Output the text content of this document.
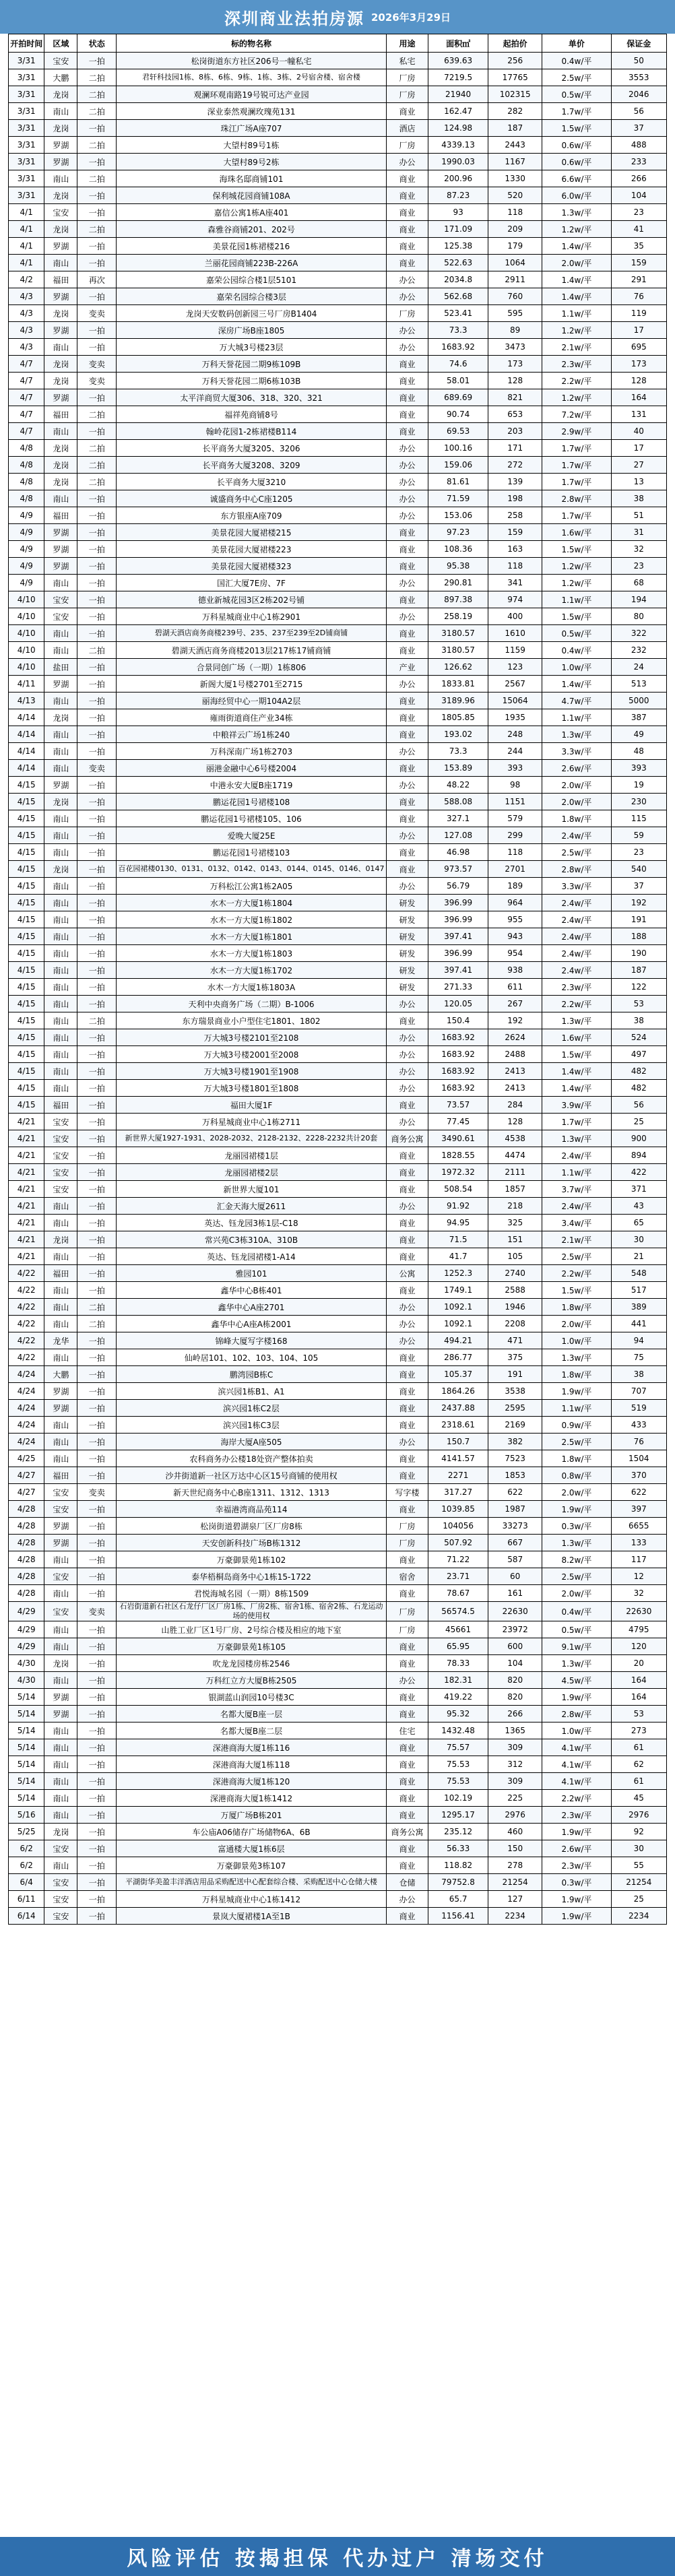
深圳商业法拍房源 2026年3月29日
开拍时间	区域	状态	标的物名称	用途	面积㎡	起拍价	单价	保证金
3/31	宝安	一拍	松岗街道东方社区206号一幢私宅	私宅	639.63	256	0.4w/平	50
3/31	大鹏	二拍	君轩科技园1栋、8栋、6栋、9栋、1栋、3栋、2号宿舍楼、宿舍楼	厂房	7219.5	17765	2.5w/平	3553
3/31	龙岗	二拍	观澜环观南路19号锐可达产业园	厂房	21940	102315	0.5w/平	2046
3/31	南山	二拍	深业泰然观澜玫瑰苑131	商业	162.47	282	1.7w/平	56
3/31	龙岗	一拍	珠江广场A座707	酒店	124.98	187	1.5w/平	37
3/31	罗湖	二拍	大望村89号1栋	厂房	4339.13	2443	0.6w/平	488
3/31	罗湖	一拍	大望村89号2栋	办公	1990.03	1167	0.6w/平	233
3/31	南山	二拍	海珠名邸商铺101	商业	200.96	1330	6.6w/平	266
3/31	龙岗	一拍	保利城花园商铺108A	商业	87.23	520	6.0w/平	104
4/1	宝安	一拍	嘉信公寓1栋A座401	商业	93	118	1.3w/平	23
4/1	龙岗	二拍	森雅谷商铺201、202号	商业	171.09	209	1.2w/平	41
4/1	罗湖	一拍	美景花园1栋裙楼216	商业	125.38	179	1.4w/平	35
4/1	南山	一拍	兰丽花园商铺223B-226A	商业	522.63	1064	2.0w/平	159
4/2	福田	再次	嘉荣公园综合楼1层5101	办公	2034.8	2911	1.4w/平	291
4/3	罗湖	一拍	嘉荣名园综合楼3层	办公	562.68	760	1.4w/平	76
4/3	龙岗	变卖	龙岗天安数码创新园三号厂房B1404	厂房	523.41	595	1.1w/平	119
4/3	罗湖	一拍	深房广场B座1805	办公	73.3	89	1.2w/平	17
4/3	南山	一拍	万大城3号楼23层	办公	1683.92	3473	2.1w/平	695
4/7	龙岗	变卖	万科天誉花园二期9栋109B	商业	74.6	173	2.3w/平	173
4/7	龙岗	变卖	万科天誉花园二期6栋103B	商业	58.01	128	2.2w/平	128
4/7	罗湖	一拍	太平洋商贸大厦306、318、320、321	商业	689.69	821	1.2w/平	164
4/7	福田	二拍	福祥苑商铺8号	商业	90.74	653	7.2w/平	131
4/7	南山	一拍	翰岭花园1-2栋裙楼B114	商业	69.53	203	2.9w/平	40
4/8	龙岗	二拍	长平商务大厦3205、3206	办公	100.16	171	1.7w/平	17
4/8	龙岗	二拍	长平商务大厦3208、3209	办公	159.06	272	1.7w/平	27
4/8	龙岗	二拍	长平商务大厦3210	办公	81.61	139	1.7w/平	13
4/8	南山	一拍	诚盛商务中心C座1205	办公	71.59	198	2.8w/平	38
4/9	福田	一拍	东方银座A座709	办公	153.06	258	1.7w/平	51
4/9	罗湖	一拍	美景花园大厦裙楼215	商业	97.23	159	1.6w/平	31
4/9	罗湖	一拍	美景花园大厦裙楼223	商业	108.36	163	1.5w/平	32
4/9	罗湖	一拍	美景花园大厦裙楼323	商业	95.38	118	1.2w/平	23
4/9	南山	一拍	国汇大厦7E房、7F	办公	290.81	341	1.2w/平	68
4/10	宝安	一拍	德业新城花园3区2栋202号铺	商业	897.38	974	1.1w/平	194
4/10	宝安	一拍	万科星城商业中心1栋2901	办公	258.19	400	1.5w/平	80
4/10	南山	一拍	碧湖天酒店商务商楼239号、235、237至239至2D铺商铺	商业	3180.57	1610	0.5w/平	322
4/10	南山	二拍	碧湖天酒店商务商楼2013层217栋17铺商铺	商业	3180.57	1159	0.4w/平	232
4/10	盐田	一拍	合景同创广场（一期）1栋806	产业	126.62	123	1.0w/平	24
4/11	罗湖	一拍	新阁大厦1号楼2701至2715	办公	1833.81	2567	1.4w/平	513
4/13	南山	一拍	丽海经贸中心一期104A2层	商业	3189.96	15064	4.7w/平	5000
4/14	龙岗	一拍	雍雨街道商住产业34栋	商业	1805.85	1935	1.1w/平	387
4/14	南山	一拍	中粮祥云广场1栋240	商业	193.02	248	1.3w/平	49
4/14	南山	一拍	万科深南广场1栋2703	办公	73.3	244	3.3w/平	48
4/14	南山	变卖	丽港金融中心6号楼2004	商业	153.89	393	2.6w/平	393
4/15	罗湖	一拍	中港永安大厦B座1719	办公	48.22	98	2.0w/平	19
4/15	龙岗	一拍	鹏运花园1号裙楼108	商业	588.08	1151	2.0w/平	230
4/15	南山	一拍	鹏运花园1号裙楼105、106	商业	327.1	579	1.8w/平	115
4/15	南山	一拍	爱晚大厦25E	办公	127.08	299	2.4w/平	59
4/15	南山	一拍	鹏运花园1号裙楼103	商业	46.98	118	2.5w/平	23
4/15	龙岗	一拍	百花园裙楼0130、0131、0132、0142、0143、0144、0145、0146、0147	商业	973.57	2701	2.8w/平	540
4/15	南山	一拍	万科松江公寓1栋2A05	办公	56.79	189	3.3w/平	37
4/15	南山	一拍	水木一方大厦1栋1804	研发	396.99	964	2.4w/平	192
4/15	南山	一拍	水木一方大厦1栋1802	研发	396.99	955	2.4w/平	191
4/15	南山	一拍	水木一方大厦1栋1801	研发	397.41	943	2.4w/平	188
4/15	南山	一拍	水木一方大厦1栋1803	研发	396.99	954	2.4w/平	190
4/15	南山	一拍	水木一方大厦1栋1702	研发	397.41	938	2.4w/平	187
4/15	南山	一拍	水木一方大厦1栋1803A	研发	271.33	611	2.3w/平	122
4/15	南山	一拍	天利中央商务广场（二期）B-1006	办公	120.05	267	2.2w/平	53
4/15	南山	二拍	东方瑞景商业小户型住宅1801、1802	商业	150.4	192	1.3w/平	38
4/15	南山	一拍	万大城3号楼2101至2108	办公	1683.92	2624	1.6w/平	524
4/15	南山	一拍	万大城3号楼2001至2008	办公	1683.92	2488	1.5w/平	497
4/15	南山	一拍	万大城3号楼1901至1908	办公	1683.92	2413	1.4w/平	482
4/15	南山	一拍	万大城3号楼1801至1808	办公	1683.92	2413	1.4w/平	482
4/15	福田	一拍	福田大厦1F	商业	73.57	284	3.9w/平	56
4/21	宝安	一拍	万科星城商业中心1栋2711	办公	77.45	128	1.7w/平	25
4/21	宝安	一拍	新世界大厦1927-1931、2028-2032、2128-2132、2228-2232共计20套	商务公寓	3490.61	4538	1.3w/平	900
4/21	宝安	一拍	龙丽园裙楼1层	商业	1828.55	4474	2.4w/平	894
4/21	宝安	一拍	龙丽园裙楼2层	商业	1972.32	2111	1.1w/平	422
4/21	宝安	一拍	新世界大厦101	商业	508.54	1857	3.7w/平	371
4/21	南山	一拍	汇金天海大厦2611	办公	91.92	218	2.4w/平	43
4/21	南山	一拍	英达、钰龙园3栋1层-C18	商业	94.95	325	3.4w/平	65
4/21	龙岗	一拍	常兴苑C3栋310A、310B	商业	71.5	151	2.1w/平	30
4/21	南山	一拍	英达、钰龙园裙楼1-A14	商业	41.7	105	2.5w/平	21
4/22	福田	一拍	雅园101	公寓	1252.3	2740	2.2w/平	548
4/22	南山	一拍	鑫华中心B栋401	商业	1749.1	2588	1.5w/平	517
4/22	南山	二拍	鑫华中心A座2701	办公	1092.1	1946	1.8w/平	389
4/22	南山	二拍	鑫华中心A座A栋2001	办公	1092.1	2208	2.0w/平	441
4/22	龙华	一拍	锦峰大厦写字楼168	办公	494.21	471	1.0w/平	94
4/22	南山	一拍	仙岭居101、102、103、104、105	商业	286.77	375	1.3w/平	75
4/24	大鹏	一拍	鹏湾园B栋C	商业	105.37	191	1.8w/平	38
4/24	罗湖	一拍	滨兴园1栋B1、A1	商业	1864.26	3538	1.9w/平	707
4/24	罗湖	一拍	滨兴园1栋C2层	商业	2437.88	2595	1.1w/平	519
4/24	南山	一拍	滨兴园1栋C3层	商业	2318.61	2169	0.9w/平	433
4/24	南山	一拍	海岸大厦A座505	办公	150.7	382	2.5w/平	76
4/25	南山	一拍	农科商务办公楼18处资产整体拍卖	商业	4141.57	7523	1.8w/平	1504
4/27	福田	一拍	沙井街道新一社区万达中心区15号商铺的使用权	商业	2271	1853	0.8w/平	370
4/27	宝安	变卖	新天世纪商务中心B座1311、1312、1313	写字楼	317.27	622	2.0w/平	622
4/28	宝安	一拍	幸福港湾商品苑114	商业	1039.85	1987	1.9w/平	397
4/28	罗湖	一拍	松岗街道碧湖泉厂区厂房8栋	厂房	104056	33273	0.3w/平	6655
4/28	罗湖	一拍	天安创新科技广场B栋1312	厂房	507.92	667	1.3w/平	133
4/28	南山	一拍	万豪御景苑1栋102	商业	71.22	587	8.2w/平	117
4/28	宝安	一拍	泰华梧桐岛商务中心1栋15-1722	宿舍	23.71	60	2.5w/平	12
4/28	南山	一拍	君悦海城名园（一期）8栋1509	商业	78.67	161	2.0w/平	32
4/29	宝安	变卖	石岩街道新石社区石龙仔厂区厂房1栋、厂房2栋、宿舍1栋、宿舍2栋、石龙运动场的使用权	厂房	56574.5	22630	0.4w/平	22630
4/29	南山	一拍	山胜工业厂区1号厂房、2号综合楼及相应的地下室	厂房	45661	23972	0.5w/平	4795
4/29	南山	一拍	万豪御景苑1栋105	商业	65.95	600	9.1w/平	120
4/30	龙岗	一拍	吹龙龙园楼房栋2546	商业	78.33	104	1.3w/平	20
4/30	南山	一拍	万科红立方大厦B栋2505	办公	182.31	820	4.5w/平	164
5/14	罗湖	一拍	银湖蓝山润园10号楼3C	商业	419.22	820	1.9w/平	164
5/14	罗湖	一拍	名都大厦B座一层	商业	95.32	266	2.8w/平	53
5/14	南山	一拍	名都大厦B座二层	住宅	1432.48	1365	1.0w/平	273
5/14	南山	一拍	深港商海大厦1栋116	商业	75.57	309	4.1w/平	61
5/14	南山	一拍	深港商海大厦1栋118	商业	75.53	312	4.1w/平	62
5/14	南山	一拍	深港商海大厦1栋120	商业	75.53	309	4.1w/平	61
5/14	南山	一拍	深港商海大厦1栋1412	商业	102.19	225	2.2w/平	45
5/16	南山	一拍	万厦广场B栋201	商业	1295.17	2976	2.3w/平	2976
5/25	龙岗	一拍	车公庙A06储存广场储物6A、6B	商务公寓	235.12	460	1.9w/平	92
6/2	宝安	一拍	富通楼大厦1栋6层	商业	56.33	150	2.6w/平	30
6/2	南山	一拍	万豪御景苑3栋107	商业	118.82	278	2.3w/平	55
6/4	宝安	一拍	平湖街华美盈丰洋酒店用品采购配送中心配套综合楼、采购配送中心仓储大楼	仓储	79752.8	21254	0.3w/平	21254
6/11	宝安	一拍	万科星城商业中心1栋1412	办公	65.7	127	1.9w/平	25
6/14	宝安	一拍	景岚大厦裙楼1A至1B	商业	1156.41	2234	1.9w/平	2234
风险评估 按揭担保 代办过户 清场交付
